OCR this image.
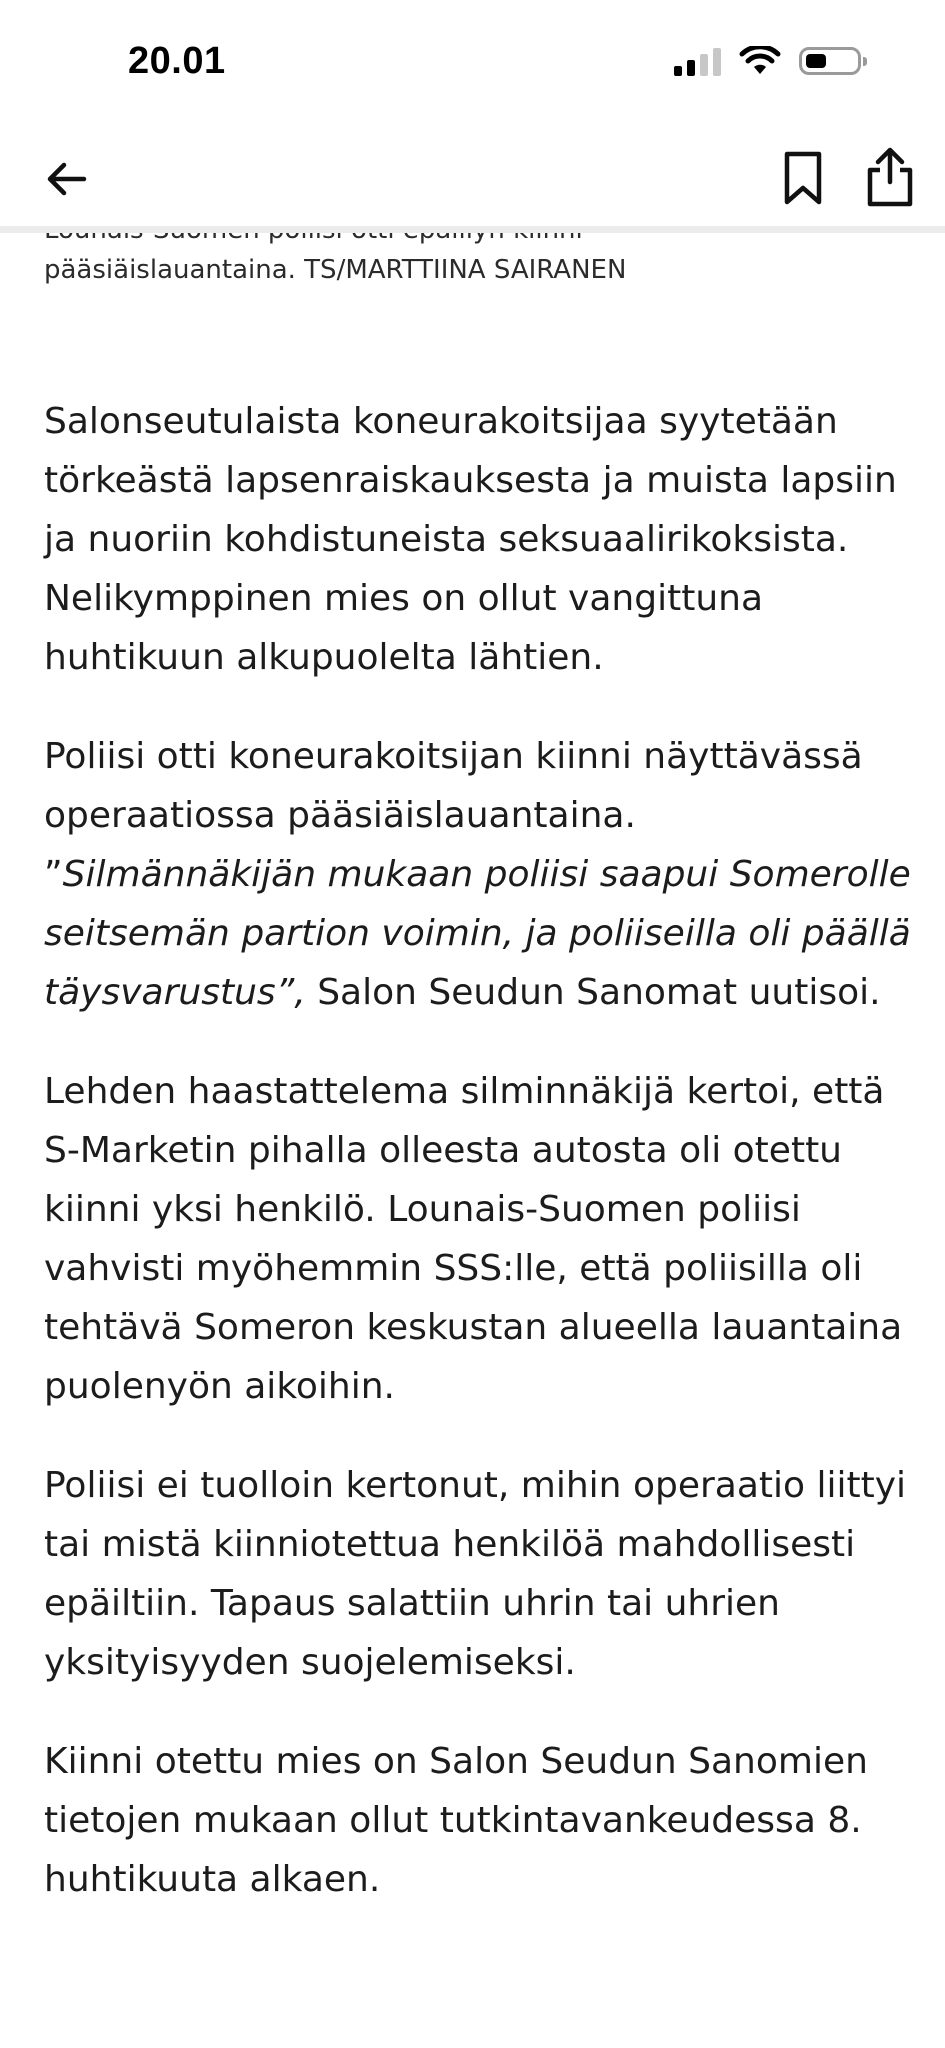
20.01
pääsiäislauantaina. TS/MARTTIINA SAIRANEN

Salonseutulaista koneurakoitsijaa syytetään törkeästä lapsenraiskauksesta ja muista lapsiin ja nuoriin kohdistuneista seksuaalirikoksista. Nelikymppinen mies on ollut vangittuna huhtikuun alkupuolelta lähtien.

Poliisi otti koneurakoitsijan kiinni näyttävässä operaatiossa pääsiäislauantaina. ”Silmännäkijän mukaan poliisi saapui Somerolle seitsemän partion voimin, ja poliiseilla oli päällä täysvarustus”, Salon Seudun Sanomat uutisoi.

Lehden haastattelema silminnäkijä kertoi, että S-Marketin pihalla olleesta autosta oli otettu kiinni yksi henkilö. Lounais-Suomen poliisi vahvisti myöhemmin SSS:lle, että poliisilla oli tehtävä Someron keskustan alueella lauantaina puolenyön aikoihin.

Poliisi ei tuolloin kertonut, mihin operaatio liittyi tai mistä kiinniotettua henkilöä mahdollisesti epäiltiin. Tapaus salattiin uhrin tai uhrien yksityisyyden suojelemiseksi.

Kiinni otettu mies on Salon Seudun Sanomien tietojen mukaan ollut tutkintavankeudessa 8. huhtikuuta alkaen.
